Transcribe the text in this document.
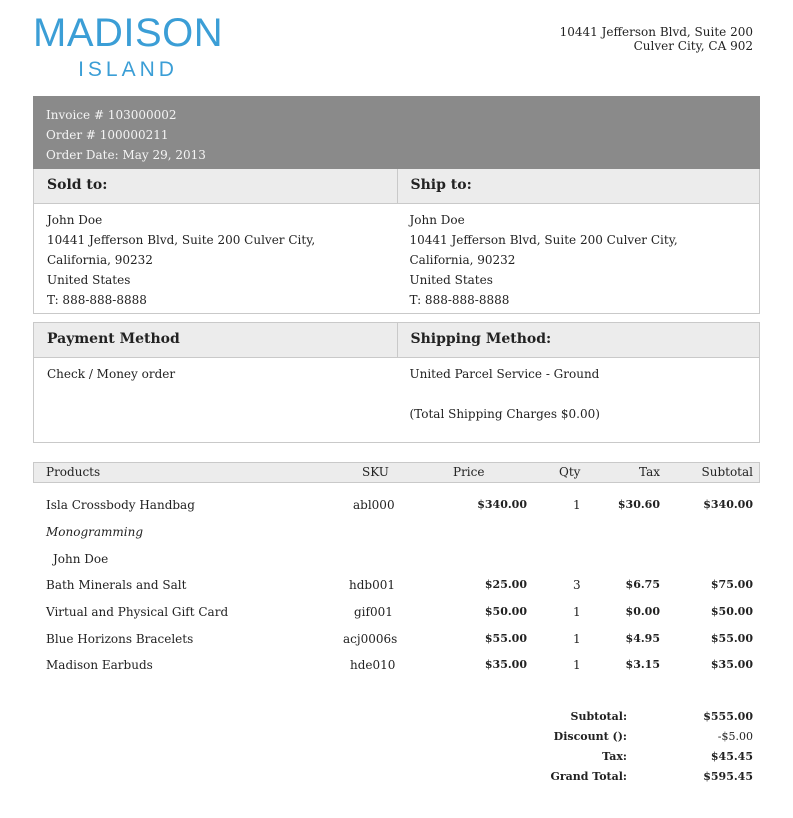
MADISON
ISLAND
10441 Jefferson Blvd, Suite 200
Culver City, CA 902
Invoice # 103000002
Order # 100000211
Order Date: May 29, 2013
Sold to:	Ship to:
John Doe
10441 Jefferson Blvd, Suite 200 Culver City,
California, 90232
United States
T: 888-888-8888
John Doe
10441 Jefferson Blvd, Suite 200 Culver City,
California, 90232
United States
T: 888-888-8888
Payment Method	Shipping Method:
Check / Money order	United Parcel Service - Ground
(Total Shipping Charges $0.00)
Products	SKU	Price	Qty	Tax	Subtotal
Isla Crossbody Handbag	abl000	$340.00	1	$30.60	$340.00
Monogramming
John Doe
Bath Minerals and Salt	hdb001	$25.00	3	$6.75	$75.00
Virtual and Physical Gift Card	gif001	$50.00	1	$0.00	$50.00
Blue Horizons Bracelets	acj0006s	$55.00	1	$4.95	$55.00
Madison Earbuds	hde010	$35.00	1	$3.15	$35.00
Subtotal:	$555.00
Discount ():	-$5.00
Tax:	$45.45
Grand Total:	$595.45
